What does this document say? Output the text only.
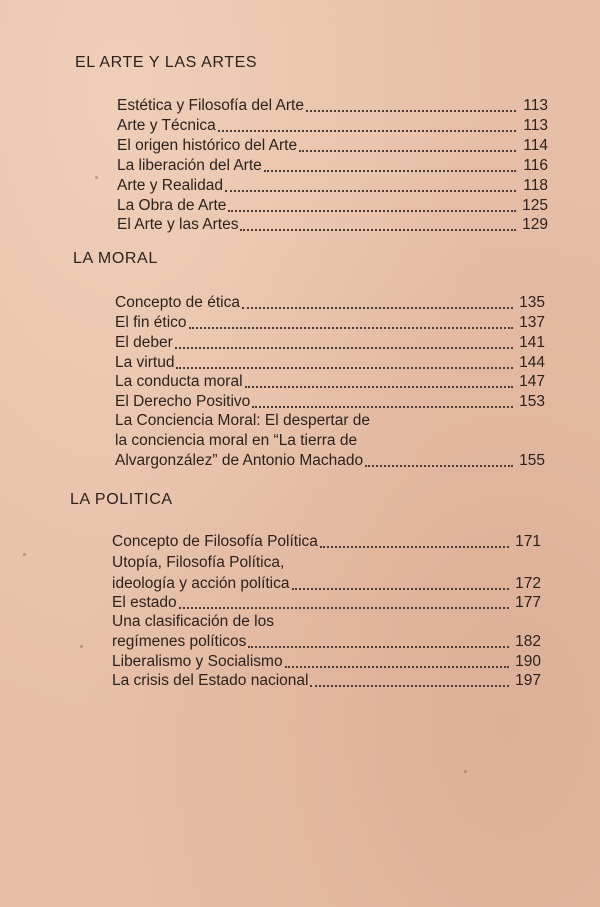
EL ARTE Y LAS ARTES
Estética y Filosofía del Arte	113
Arte y Técnica	113
El origen histórico del Arte	114
La liberación del Arte	116
Arte y Realidad	118
La Obra de Arte	125
El Arte y las Artes	129
LA MORAL
Concepto de ética	135
El fin ético	137
El deber	141
La virtud	144
La conducta moral	147
El Derecho Positivo	153
La Conciencia Moral: El despertar de
la conciencia moral en “La tierra de
Alvargonzález” de Antonio Machado	155
LA POLITICA
Concepto de Filosofía Política	171
Utopía, Filosofía Política,
ideología y acción política	172
El estado	177
Una clasificación de los
regímenes políticos	182
Liberalismo y Socialismo	190
La crisis del Estado nacional	197
